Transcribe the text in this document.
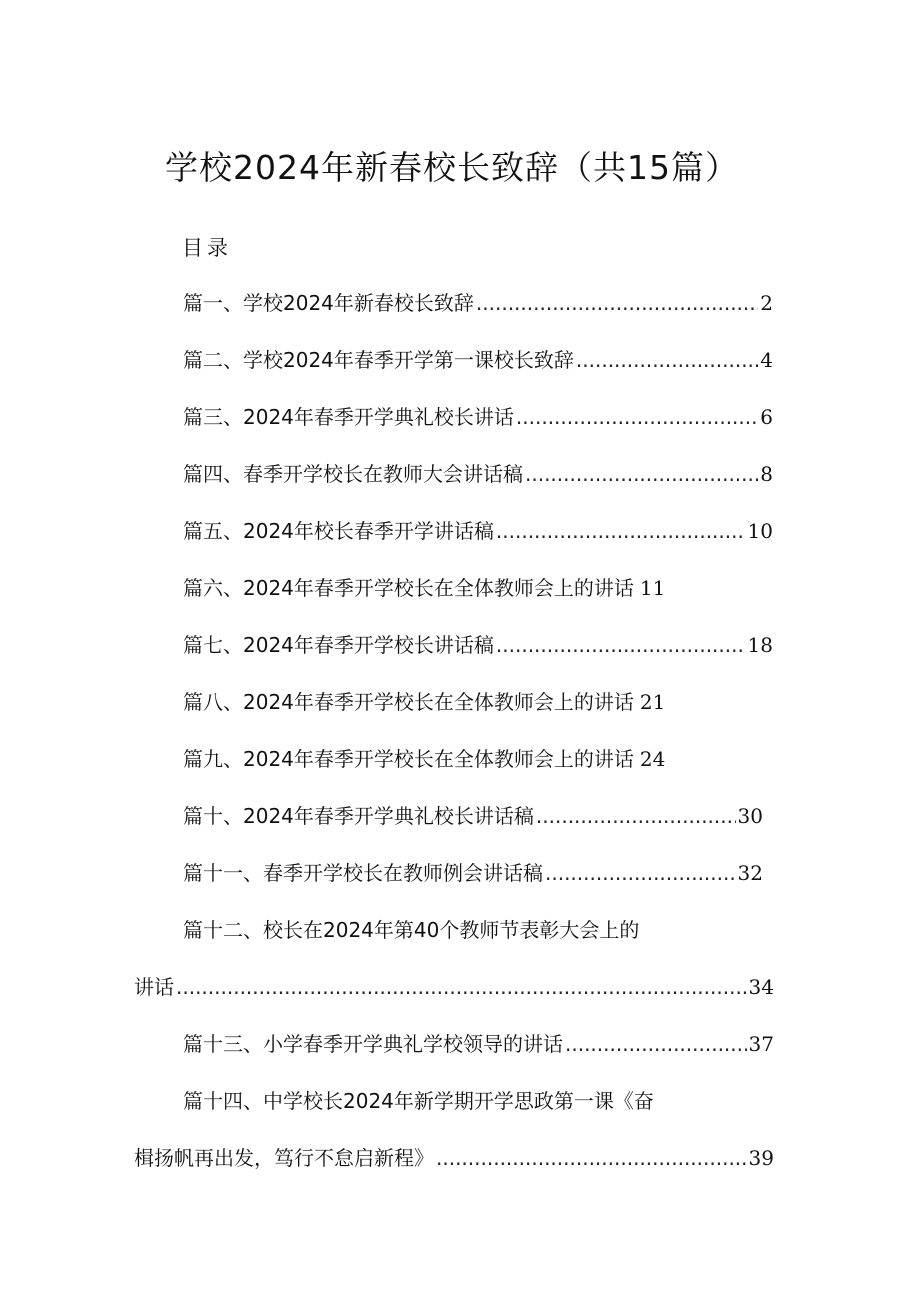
学校2024年新春校长致辞（共15篇）
目录
篇一、学校2024年新春校长致辞 .....	2
篇二、学校2024年春季开学第一课校长致辞 .....	4
篇三、2024年春季开学典礼校长讲话 .....	6
篇四、春季开学校长在教师大会讲话稿 .....	8
篇五、2024年校长春季开学讲话稿 .....	10
篇六、2024年春季开学校长在全体教师会上的讲话 11
篇七、2024年春季开学校长讲话稿 .....	18
篇八、2024年春季开学校长在全体教师会上的讲话 21
篇九、2024年春季开学校长在全体教师会上的讲话 24
篇十、2024年春季开学典礼校长讲话稿 .....	30
篇十一、春季开学校长在教师例会讲话稿 .....	32
篇十二、校长在2024年第40个教师节表彰大会上的
讲话 .....	34
篇十三、小学春季开学典礼学校领导的讲话 .....	37
篇十四、中学校长2024年新学期开学思政第一课《奋
楫扬帆再出发，笃行不怠启新程》 .....	39
